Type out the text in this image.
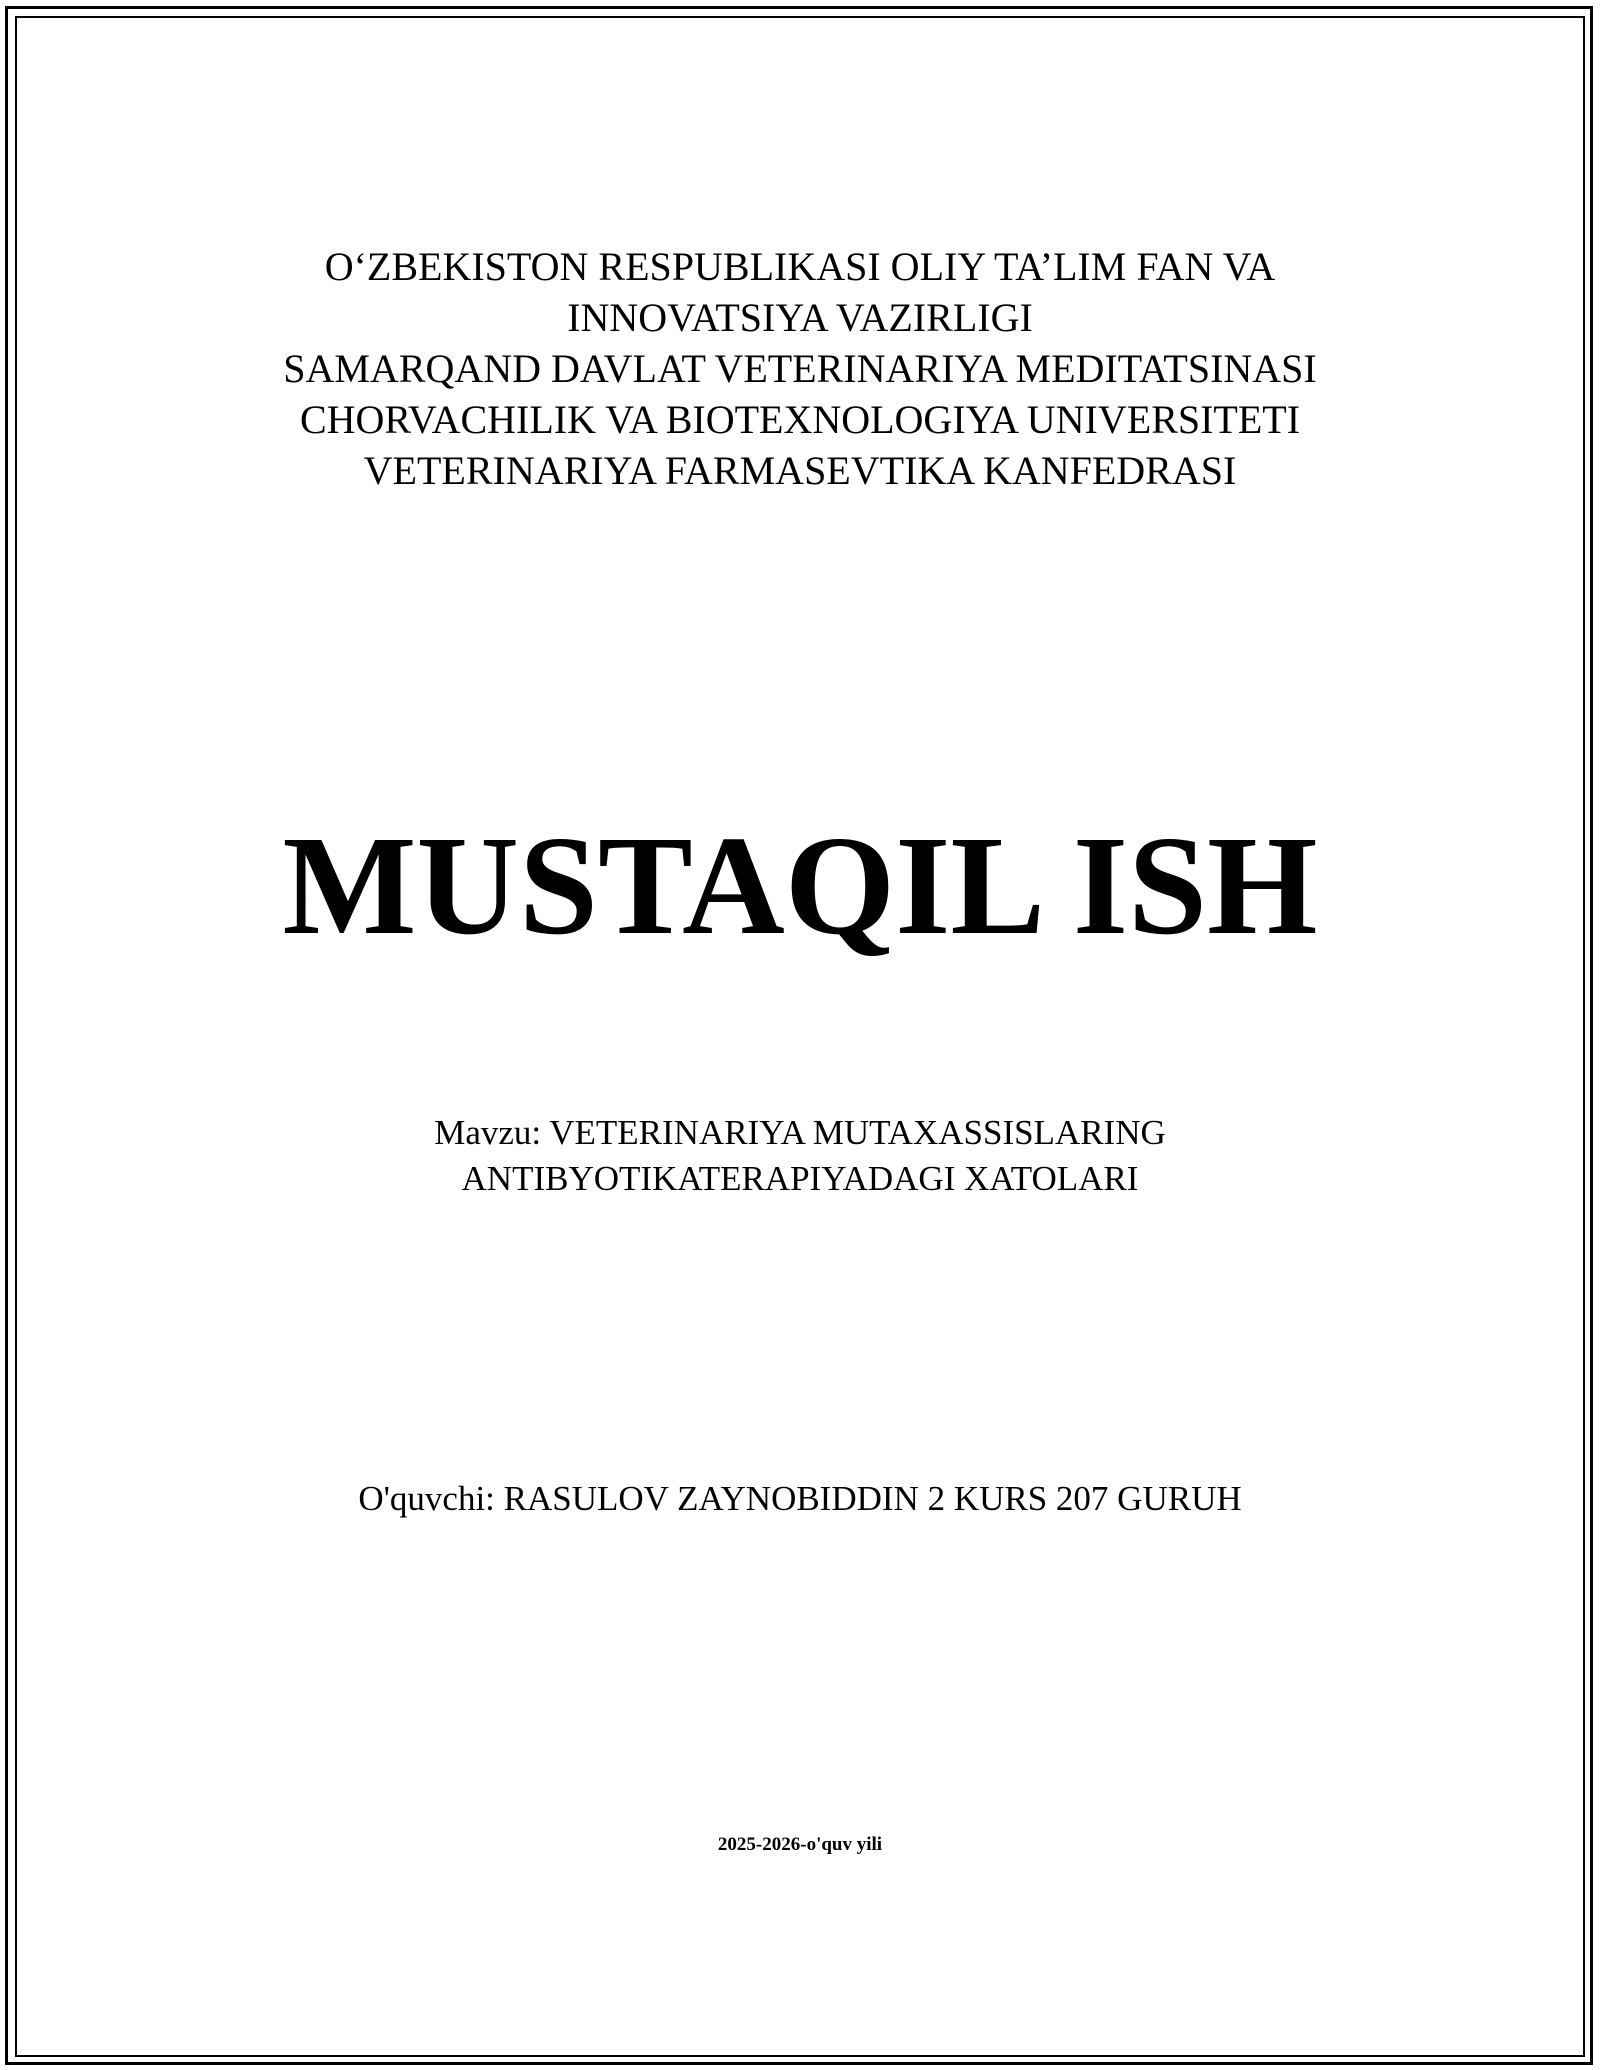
O‘ZBEKISTON RESPUBLIKASI OLIY TA’LIM FAN VA
INNOVATSIYA VAZIRLIGI
SAMARQAND DAVLAT VETERINARIYA MEDITATSINASI
CHORVACHILIK VA BIOTEXNOLOGIYA UNIVERSITETI
VETERINARIYA FARMASEVTIKA KANFEDRASI
MUSTAQIL ISH
Mavzu: VETERINARIYA MUTAXASSISLARING
ANTIBYOTIKATERAPIYADAGI XATOLARI
O'quvchi: RASULOV ZAYNOBIDDIN 2 KURS 207 GURUH
2025-2026-o'quv yili
